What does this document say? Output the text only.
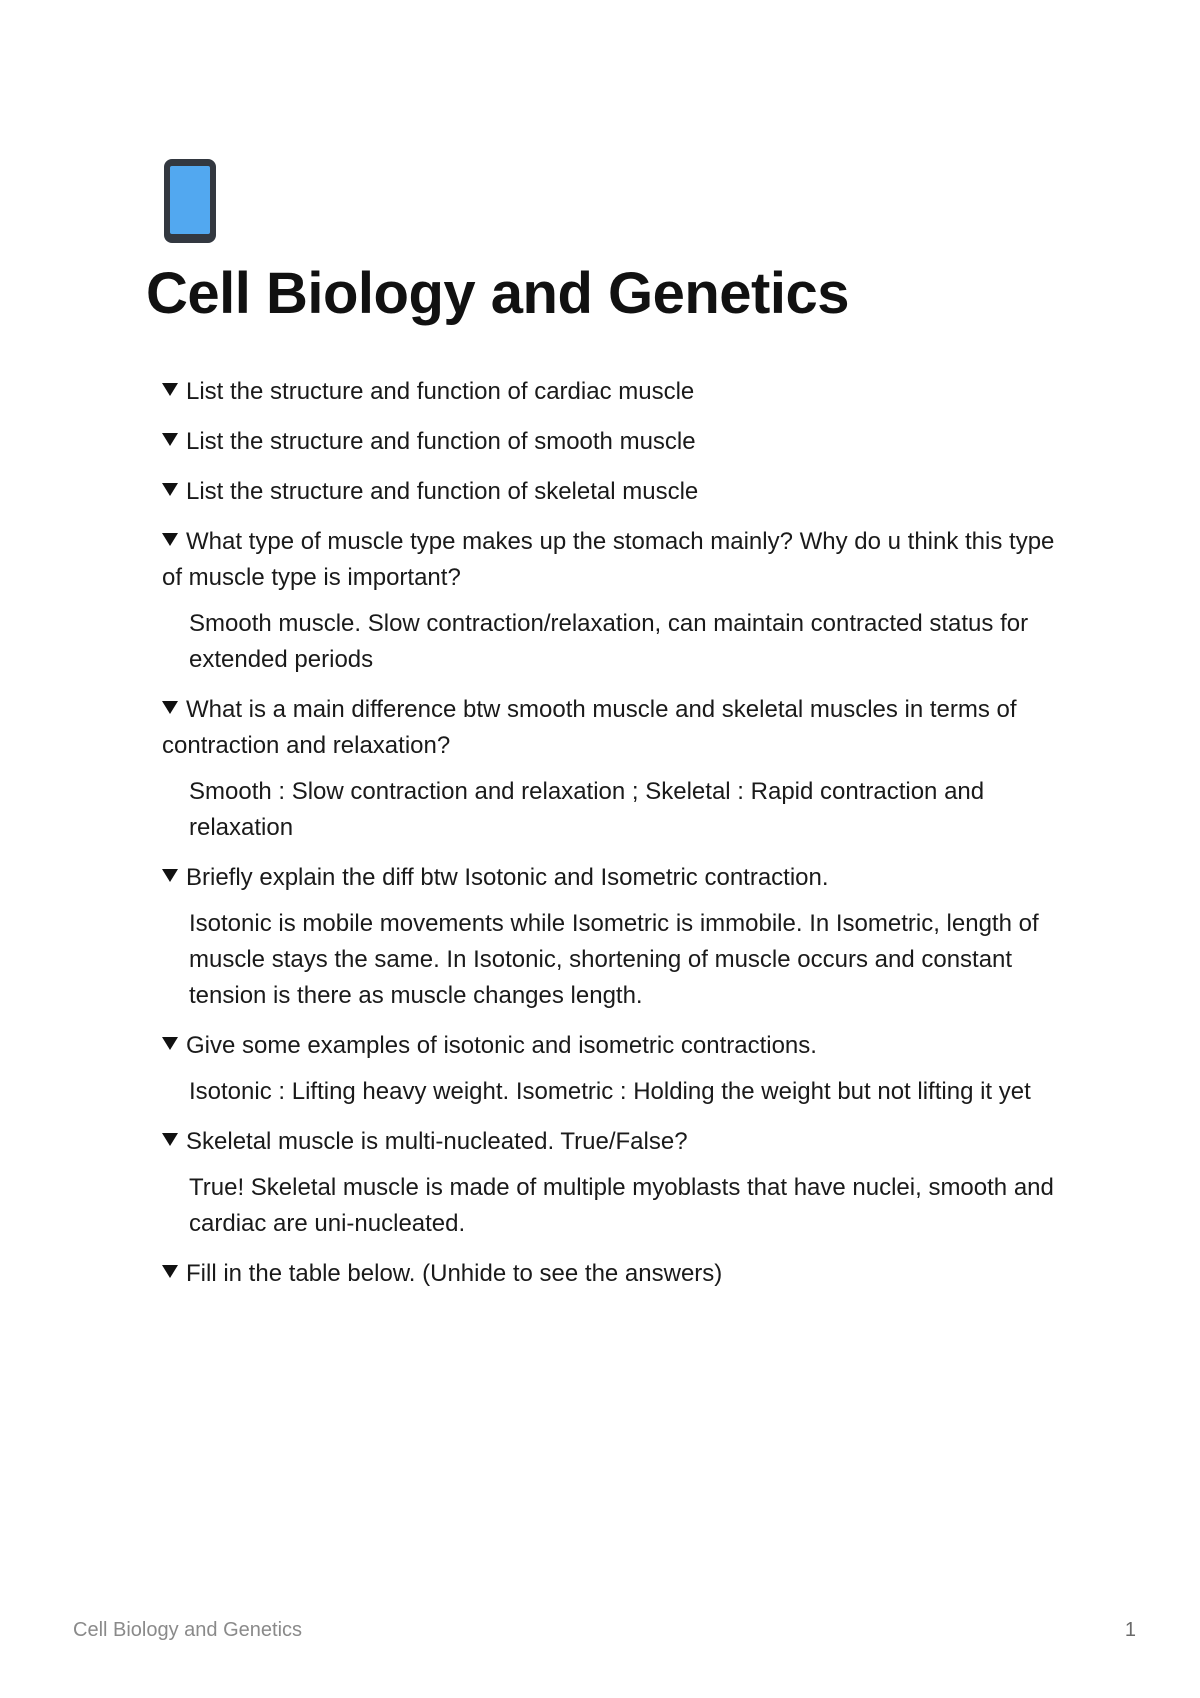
Cell Biology and Genetics
List the structure and function of cardiac muscle
List the structure and function of smooth muscle
List the structure and function of skeletal muscle
What type of muscle type makes up the stomach mainly? Why do u think this type of muscle type is important?
Smooth muscle. Slow contraction/relaxation, can maintain contracted status for extended periods
What is a main difference btw smooth muscle and skeletal muscles in terms of contraction and relaxation?
Smooth : Slow contraction and relaxation ; Skeletal : Rapid contraction and relaxation
Briefly explain the diff btw Isotonic and Isometric contraction.
Isotonic is mobile movements while Isometric is immobile. In Isometric, length of muscle stays the same. In Isotonic, shortening of muscle occurs and constant tension is there as muscle changes length.
Give some examples of isotonic and isometric contractions.
Isotonic : Lifting heavy weight. Isometric : Holding the weight but not lifting it yet
Skeletal muscle is multi-nucleated. True/False?
True! Skeletal muscle is made of multiple myoblasts that have nuclei, smooth and cardiac are uni-nucleated.
Fill in the table below. (Unhide to see the answers)
Cell Biology and Genetics	1
